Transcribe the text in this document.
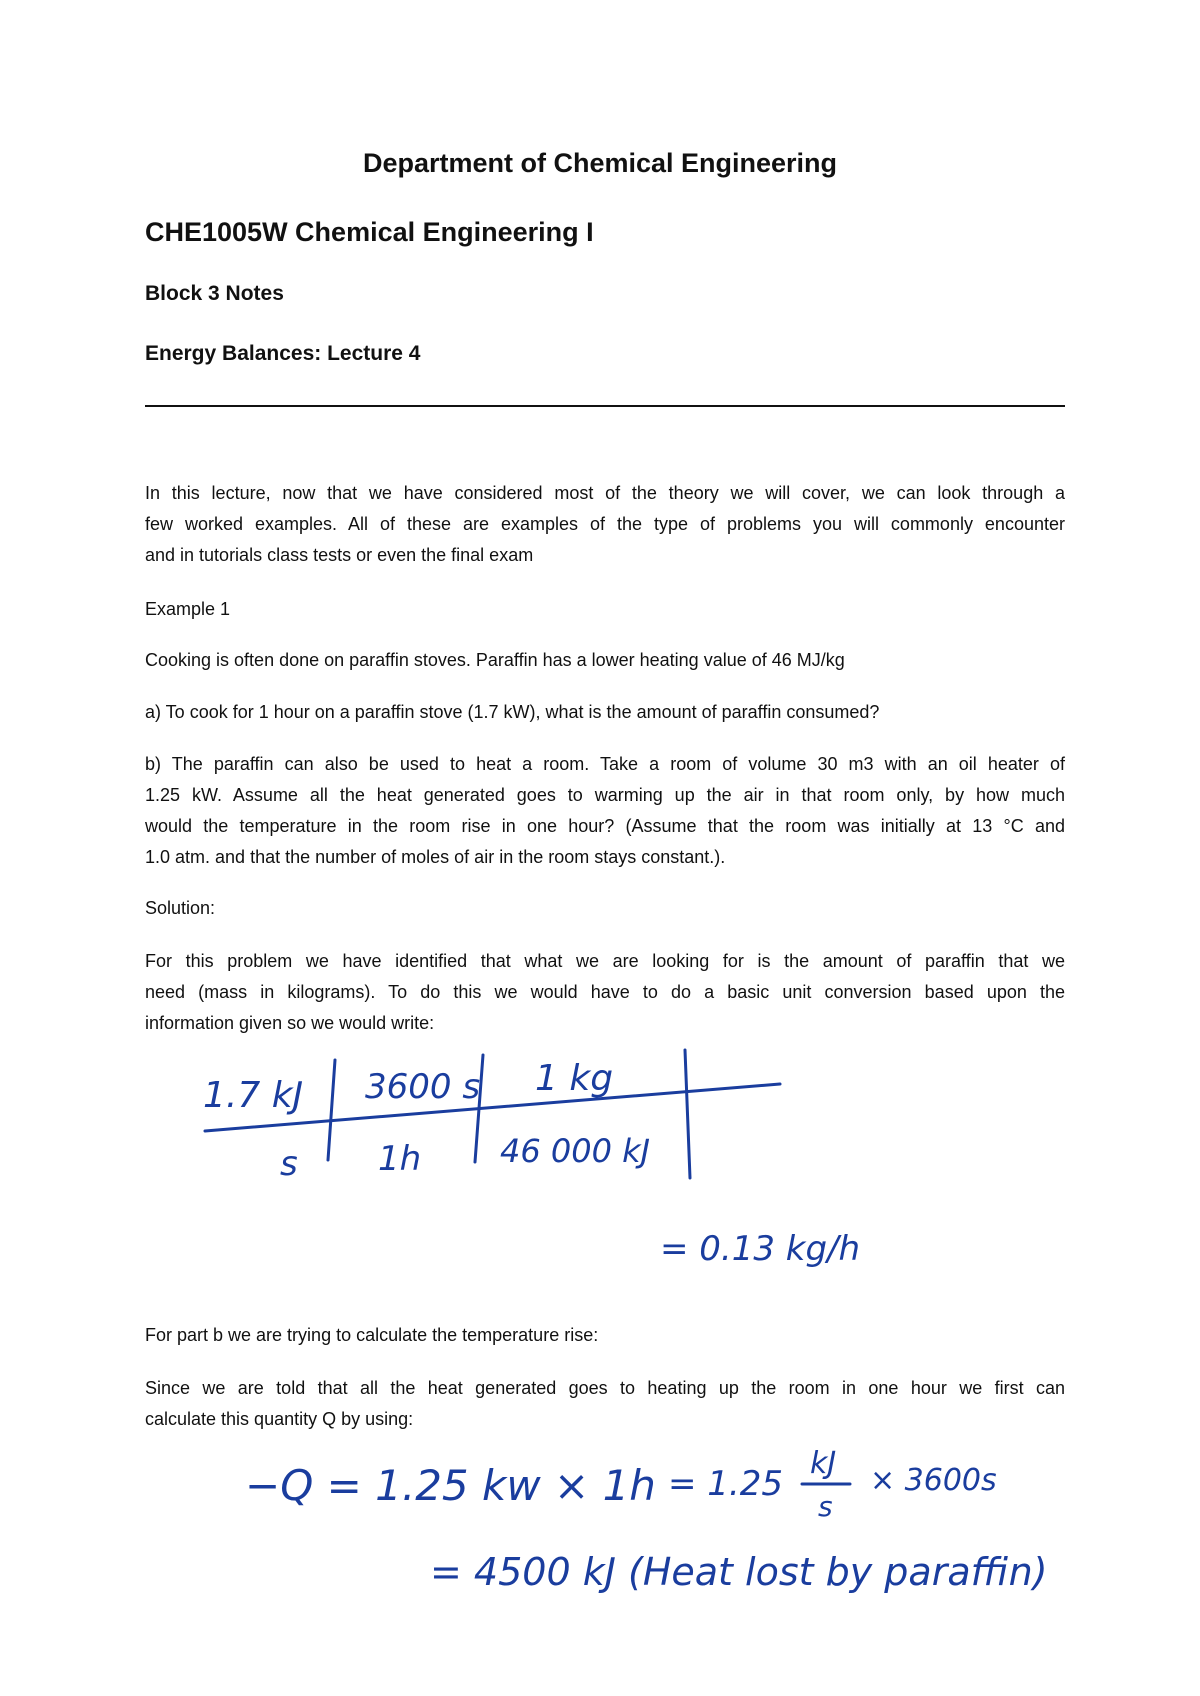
Department of Chemical Engineering
CHE1005W Chemical Engineering I
Block 3 Notes
Energy Balances: Lecture 4
In this lecture, now that we have considered most of the theory we will cover, we can look through a
few worked examples. All of these are examples of the type of problems you will commonly encounter
and in tutorials class tests or even the final exam
Example 1
Cooking is often done on paraffin stoves. Paraffin has a lower heating value of 46 MJ/kg
a) To cook for 1 hour on a paraffin stove (1.7 kW), what is the amount of paraffin consumed?
b) The paraffin can also be used to heat a room. Take a room of volume 30 m3 with an oil heater of
1.25 kW. Assume all the heat generated goes to warming up the air in that room only, by how much
would the temperature in the room rise in one hour? (Assume that the room was initially at 13 °C and
1.0 atm. and that the number of moles of air in the room stays constant.).
Solution:
For this problem we have identified that what we are looking for is the amount of paraffin that we
need (mass in kilograms). To do this we would have to do a basic unit conversion based upon the
information given so we would write:
1.7 kJ 3600 s 1 kg
s 1h 46 000 kJ
= 0.13 kg/h
For part b we are trying to calculate the temperature rise:
Since we are told that all the heat generated goes to heating up the room in one hour we first can
calculate this quantity Q by using:
−Q = 1.25 kw × 1h = 1.25
kJ
s
× 3600s
= 4500 kJ (Heat lost by paraffin)
